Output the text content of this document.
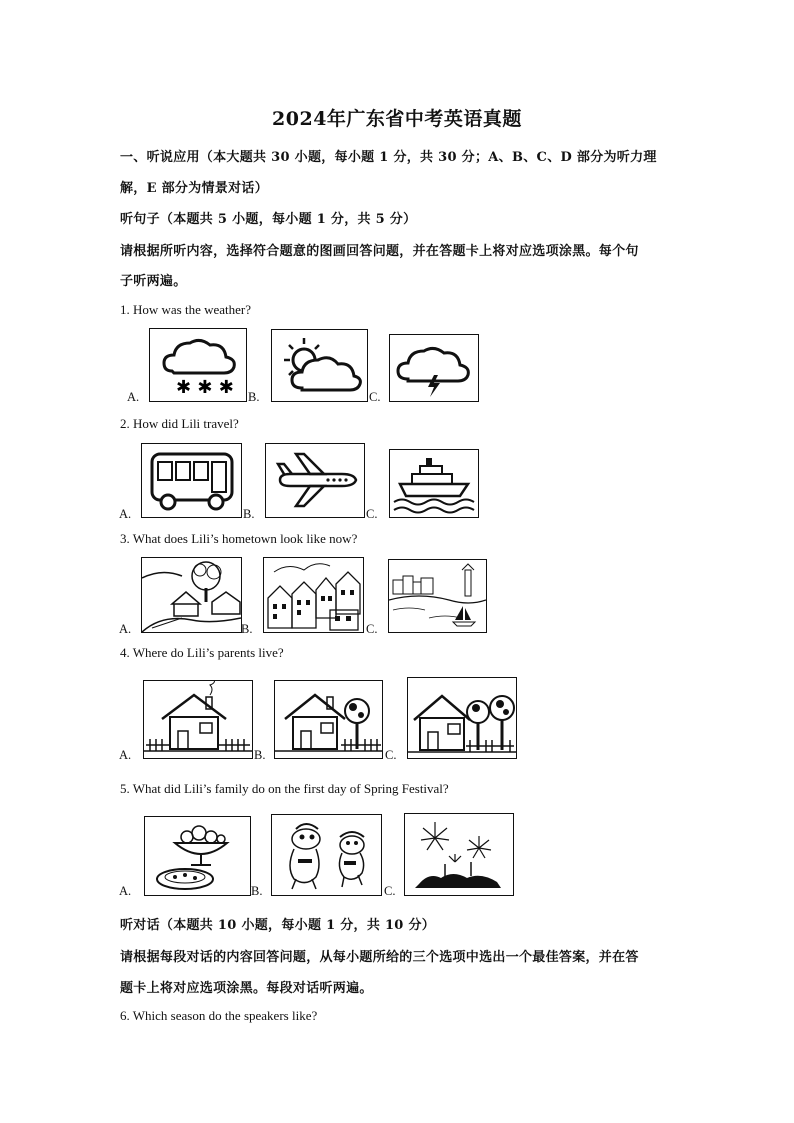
2024年广东省中考英语真题
一、听说应用（本大题共 30 小题，每小题 1 分，共 30 分；A、B、C、D 部分为听力理
解，E 部分为情景对话）
听句子（本题共 5 小题，每小题 1 分，共 5 分）
请根据所听内容，选择符合题意的图画回答问题，并在答题卡上将对应选项涂黑。每个句
子听两遍。
1. How was the weather?
A. ✱ ✱ ✱ B.	C.
2. How did Lili travel?
A.	B.	C.
3. What does Lili’s hometown look like now?
A.	B.	C.
4. Where do Lili’s parents live?
A.	B.	C.
5. What did Lili’s family do on the first day of Spring Festival?
A.	B.	C.
听对话（本题共 10 小题，每小题 1 分，共 10 分）
请根据每段对话的内容回答问题，从每小题所给的三个选项中选出一个最佳答案，并在答
题卡上将对应选项涂黑。每段对话听两遍。
6. Which season do the speakers like?
